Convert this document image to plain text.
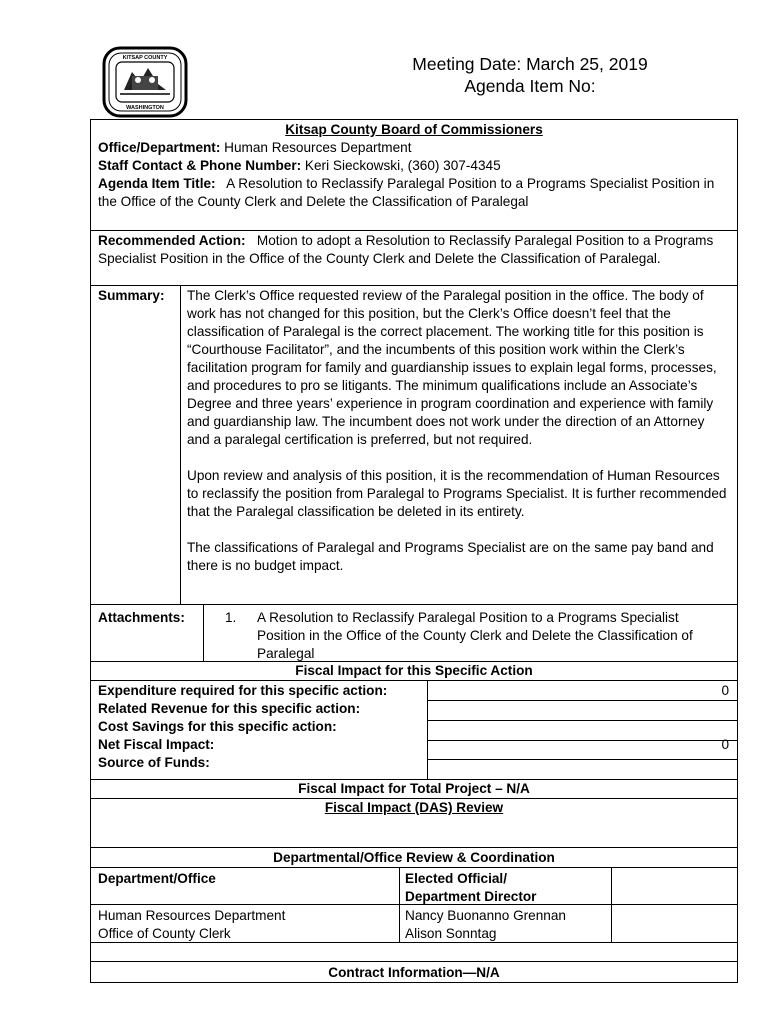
KITSAP COUNTY
WASHINGTON
Meeting Date: March 25, 2019
Agenda Item No:
Kitsap County Board of Commissioners

Office/Department: Human Resources Department

Staff Contact & Phone Number: Keri Sieckowski, (360) 307-4345

Agenda Item Title:   A Resolution to Reclassify Paralegal Position to a Programs Specialist Position in the Office of the County Clerk and Delete the Classification of Paralegal

Recommended Action:   Motion to adopt a Resolution to Reclassify Paralegal Position to a Programs Specialist Position in the Office of the County Clerk and Delete the Classification of Paralegal.
Summary: The Clerk’s Office requested review of the Paralegal position in the office. The body of work has not changed for this position, but the Clerk’s Office doesn’t feel that the classification of Paralegal is the correct placement. The working title for this position is “Courthouse Facilitator”, and the incumbents of this position work within the Clerk’s facilitation program for family and guardianship issues to explain legal forms, processes, and procedures to pro se litigants. The minimum qualifications include an Associate’s Degree and three years’ experience in program coordination and experience with family and guardianship law. The incumbent does not work under the direction of an Attorney and a paralegal certification is preferred, but not required.

Upon review and analysis of this position, it is the recommendation of Human Resources to reclassify the position from Paralegal to Programs Specialist. It is further recommended that the Paralegal classification be deleted in its entirety.

The classifications of Paralegal and Programs Specialist are on the same pay band and there is no budget impact.

Attachments:	1. A Resolution to Reclassify Paralegal Position to a Programs Specialist Position in the Office of the County Clerk and Delete the Classification of Paralegal
Fiscal Impact for this Specific Action
Expenditure required for this specific action:
Related Revenue for this specific action:
Cost Savings for this specific action:
Net Fiscal Impact:
Source of Funds:
0
0
Fiscal Impact for Total Project – N/A
Fiscal Impact (DAS) Review
Departmental/Office Review & Coordination
Department/Office	Elected Official/
Department Director
Human Resources Department
Office of County Clerk
Nancy Buonanno Grennan
Alison Sonntag
Contract Information—N/A
